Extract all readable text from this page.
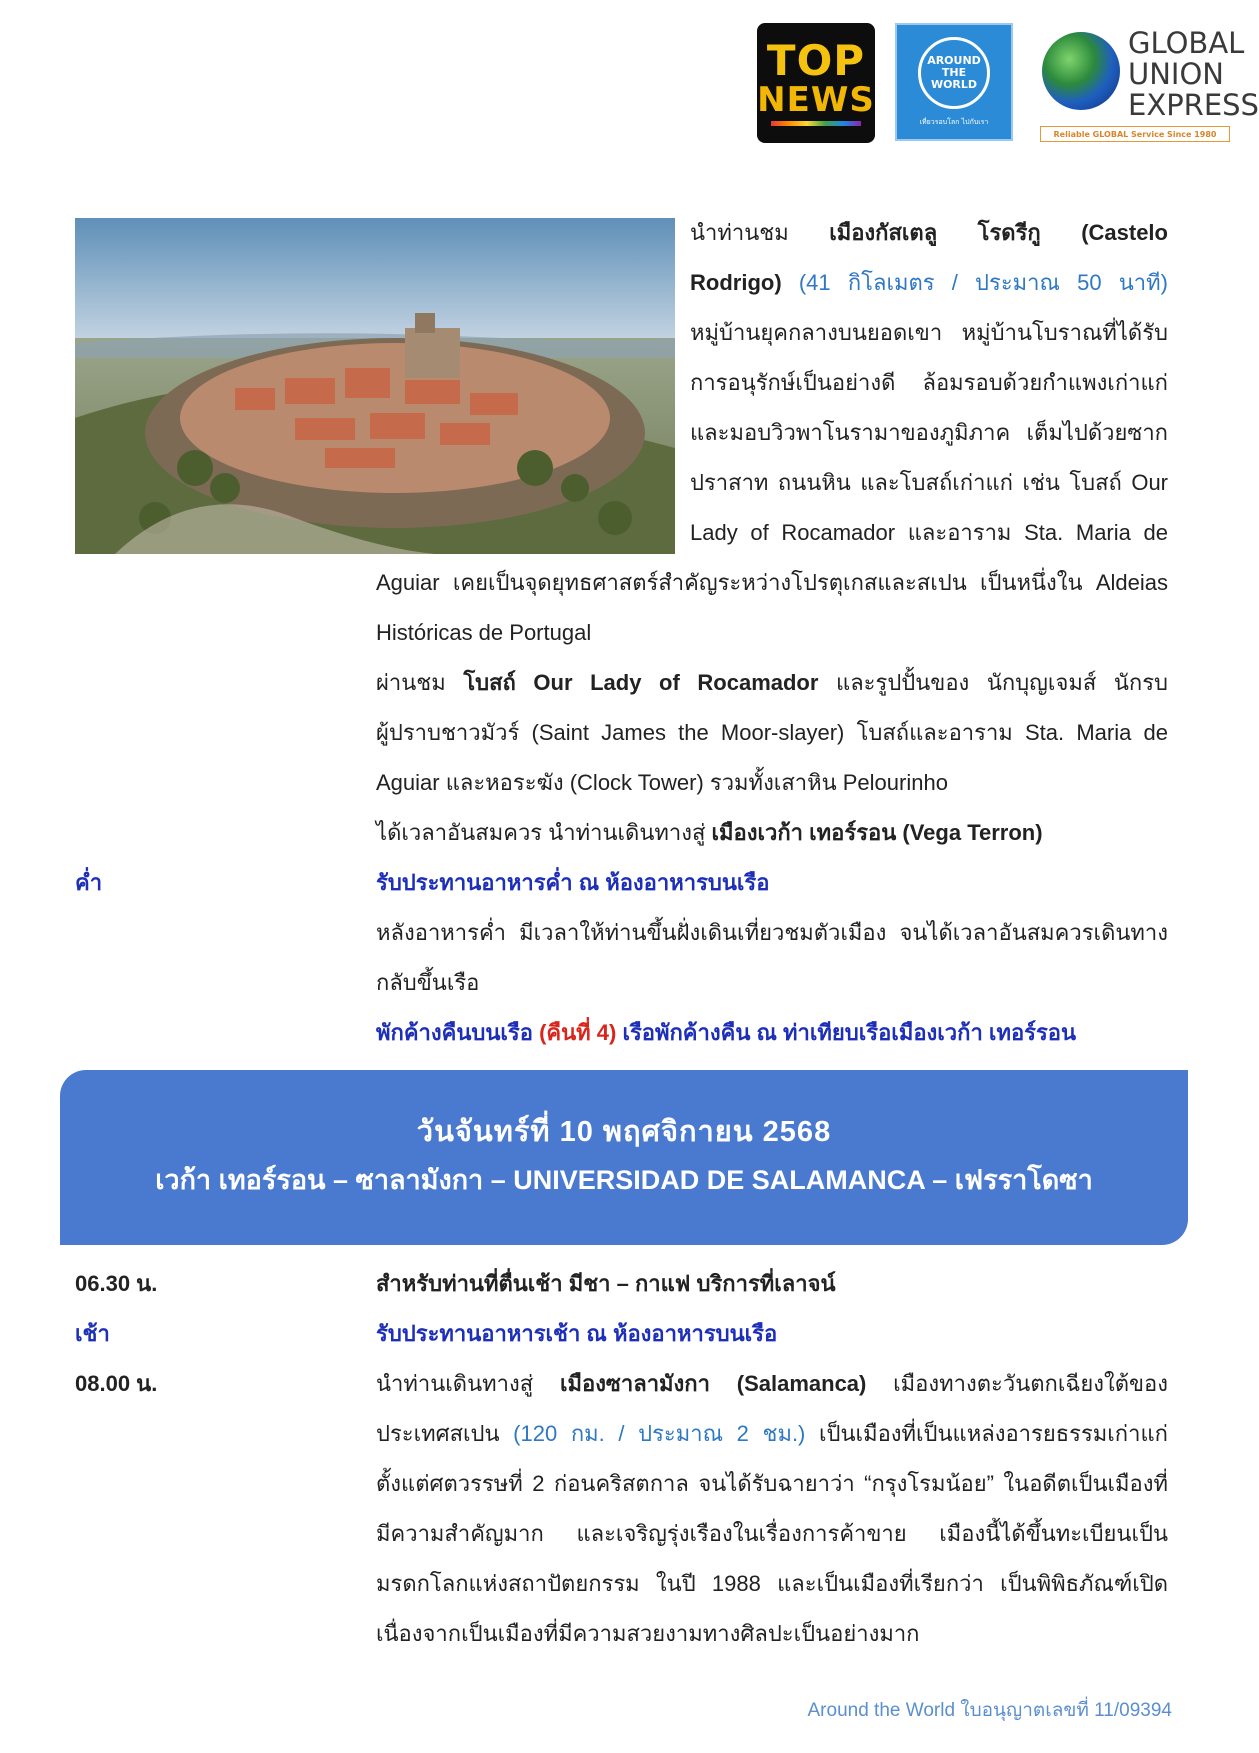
TOP
NEWS
AROUND THE WORLD
เที่ยวรอบโลก ไปกับเรา
GLOBAL
UNION
EXPRESS
Reliable GLOBAL Service Since 1980
นำท่านชม เมืองกัสเตลู โรดรีกู (Castelo
Rodrigo) (41 กิโลเมตร / ประมาณ 50 นาที)
หมู่บ้านยุคกลางบนยอดเขา หมู่บ้านโบราณที่ได้รับ
การอนุรักษ์เป็นอย่างดี ล้อมรอบด้วยกำแพงเก่าแก่
และมอบวิวพาโนรามาของภูมิภาค เต็มไปด้วยซาก
ปราสาท ถนนหิน และโบสถ์เก่าแก่ เช่น โบสถ์ Our
Lady of Rocamador และอาราม Sta. Maria de
Aguiar เคยเป็นจุดยุทธศาสตร์สำคัญระหว่างโปรตุเกสและสเปน เป็นหนึ่งใน Aldeias
Históricas de Portugal
ผ่านชม โบสถ์ Our Lady of Rocamador และรูปปั้นของ นักบุญเจมส์ นักรบ
ผู้ปราบชาวมัวร์ (Saint James the Moor-slayer) โบสถ์และอาราม Sta. Maria de
Aguiar และหอระฆัง (Clock Tower) รวมทั้งเสาหิน Pelourinho
ได้เวลาอันสมควร นำท่านเดินทางสู่ เมืองเวก้า เทอร์รอน (Vega Terron)
ค่ำ	รับประทานอาหารค่ำ ณ ห้องอาหารบนเรือ
หลังอาหารค่ำ มีเวลาให้ท่านขึ้นฝั่งเดินเที่ยวชมตัวเมือง จนได้เวลาอันสมควรเดินทาง
กลับขึ้นเรือ
พักค้างคืนบนเรือ (คืนที่ 4) เรือพักค้างคืน ณ ท่าเทียบเรือเมืองเวก้า เทอร์รอน
วันจันทร์ที่ 10 พฤศจิกายน 2568
เวก้า เทอร์รอน – ซาลามังกา – UNIVERSIDAD DE SALAMANCA – เฟรราโดซา
06.30 น.	สำหรับท่านที่ตื่นเช้า มีชา – กาแฟ บริการที่เลาจน์
เช้า	รับประทานอาหารเช้า ณ ห้องอาหารบนเรือ
08.00 น.	นำท่านเดินทางสู่ เมืองซาลามังกา (Salamanca) เมืองทางตะวันตกเฉียงใต้ของ
ประเทศสเปน (120 กม. / ประมาณ 2 ชม.) เป็นเมืองที่เป็นแหล่งอารยธรรมเก่าแก่
ตั้งแต่ศตวรรษที่ 2 ก่อนคริสตกาล จนได้รับฉายาว่า “กรุงโรมน้อย” ในอดีตเป็นเมืองที่
มีความสำคัญมาก และเจริญรุ่งเรืองในเรื่องการค้าขาย เมืองนี้ได้ขึ้นทะเบียนเป็น
มรดกโลกแห่งสถาปัตยกรรม ในปี 1988 และเป็นเมืองที่เรียกว่า เป็นพิพิธภัณฑ์เปิด
เนื่องจากเป็นเมืองที่มีความสวยงามทางศิลปะเป็นอย่างมาก
Around the World ใบอนุญาตเลขที่ 11/09394
